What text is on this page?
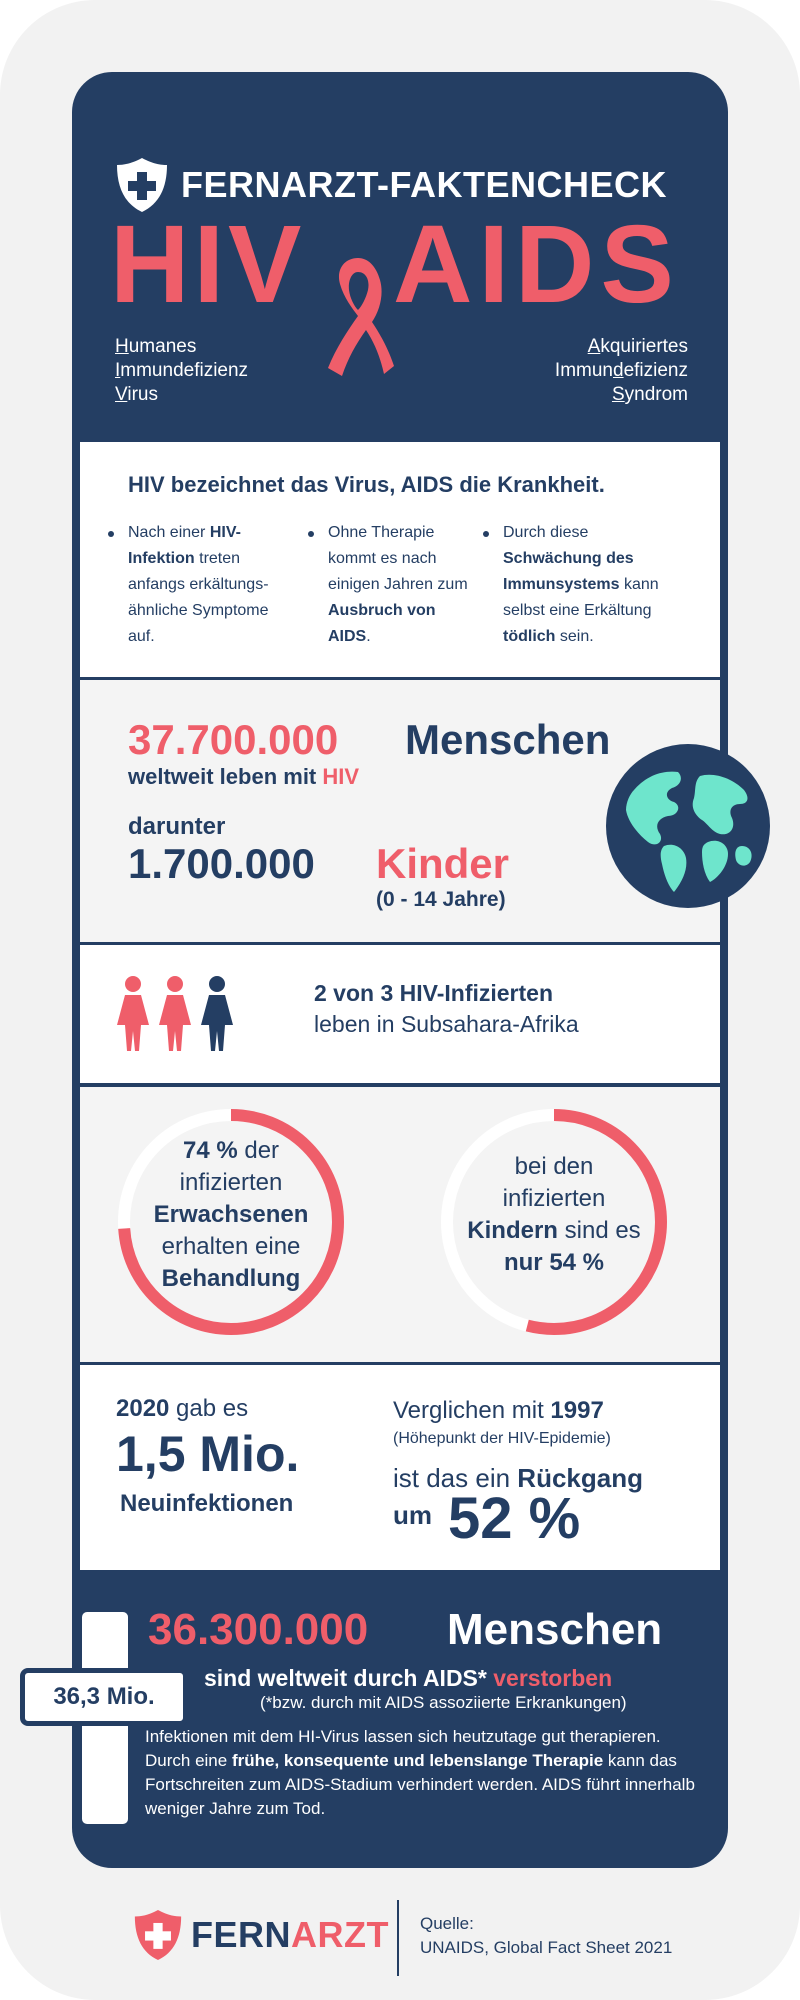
FERNARZT-FAKTENCHECK
HIV AIDS
Humanes
Immundefizienz
Virus
Akquiriertes
Immundefizienz
Syndrom
HIV bezeichnet das Virus, AIDS die Krankheit.
Nach einer HIV-Infektion treten anfangs erkältungs-ähnliche Symptome auf.
Ohne Therapie kommt es nach einigen Jahren zum Ausbruch von AIDS.
Durch diese Schwächung des Immunsystems kann selbst eine Erkältung tödlich sein.
37.700.000 Menschen
weltweit leben mit HIV
darunter
1.700.000 Kinder
(0 - 14 Jahre)
2 von 3 HIV-Infizierten
leben in Subsahara-Afrika
74 % der
infizierten
Erwachsenen
erhalten eine
Behandlung
bei den
infizierten
Kindern sind es
nur 54 %
2020 gab es
1,5 Mio.
Neuinfektionen
Verglichen mit 1997
(Höhepunkt der HIV-Epidemie)
ist das ein Rückgang
um 52 %
36,3 Mio.
36.300.000 Menschen
sind weltweit durch AIDS* verstorben
(*bzw. durch mit AIDS assoziierte Erkrankungen)
Infektionen mit dem HI-Virus lassen sich heutzutage gut therapieren. Durch eine frühe, konsequente und lebenslange Therapie kann das Fortschreiten zum AIDS-Stadium verhindert werden. AIDS führt innerhalb weniger Jahre zum Tod.
FERNARZT Quelle:
UNAIDS, Global Fact Sheet 2021
